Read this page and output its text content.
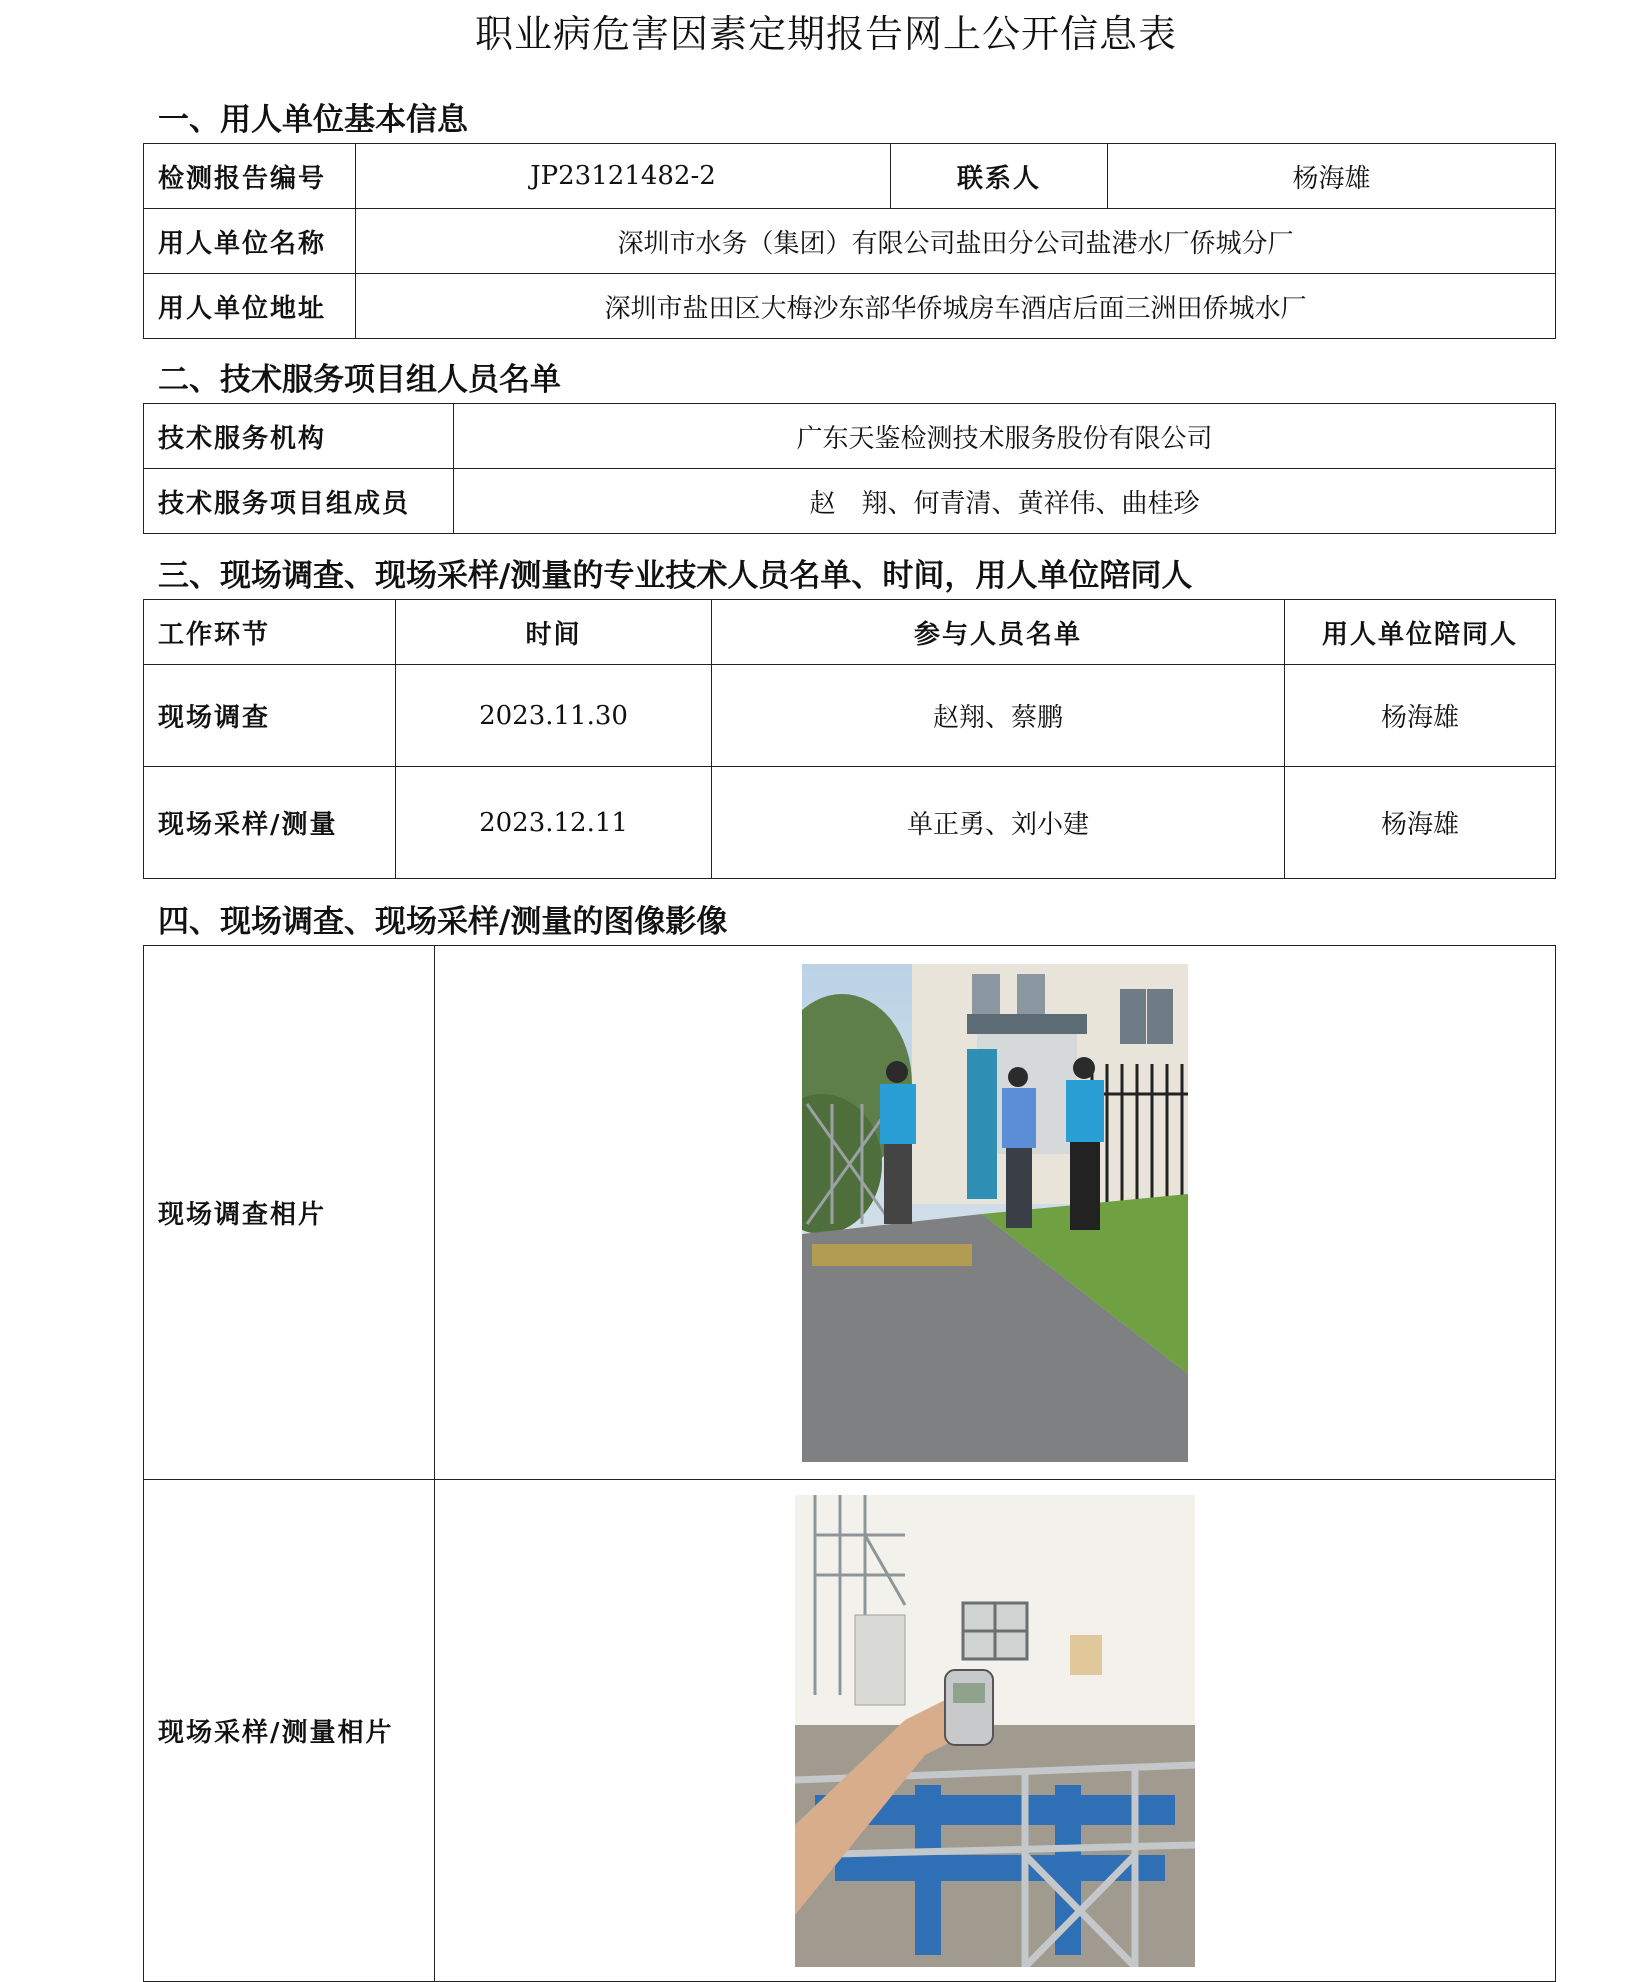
职业病危害因素定期报告网上公开信息表
一、用人单位基本信息
检测报告编号	JP23121482-2	联系人	杨海雄
用人单位名称	深圳市水务（集团）有限公司盐田分公司盐港水厂侨城分厂		
用人单位地址	深圳市盐田区大梅沙东部华侨城房车酒店后面三洲田侨城水厂		
二、技术服务项目组人员名单
技术服务机构	广东天鉴检测技术服务股份有限公司
技术服务项目组成员	赵　翔、何青清、黄祥伟、曲桂珍
三、现场调查、现场采样/测量的专业技术人员名单、时间，用人单位陪同人
工作环节	时间	参与人员名单	用人单位陪同人
现场调查	2023.11.30	赵翔、蔡鹏	杨海雄
现场采样/测量	2023.12.11	单正勇、刘小建	杨海雄
四、现场调查、现场采样/测量的图像影像
现场调查相片	

现场采样/测量相片	
